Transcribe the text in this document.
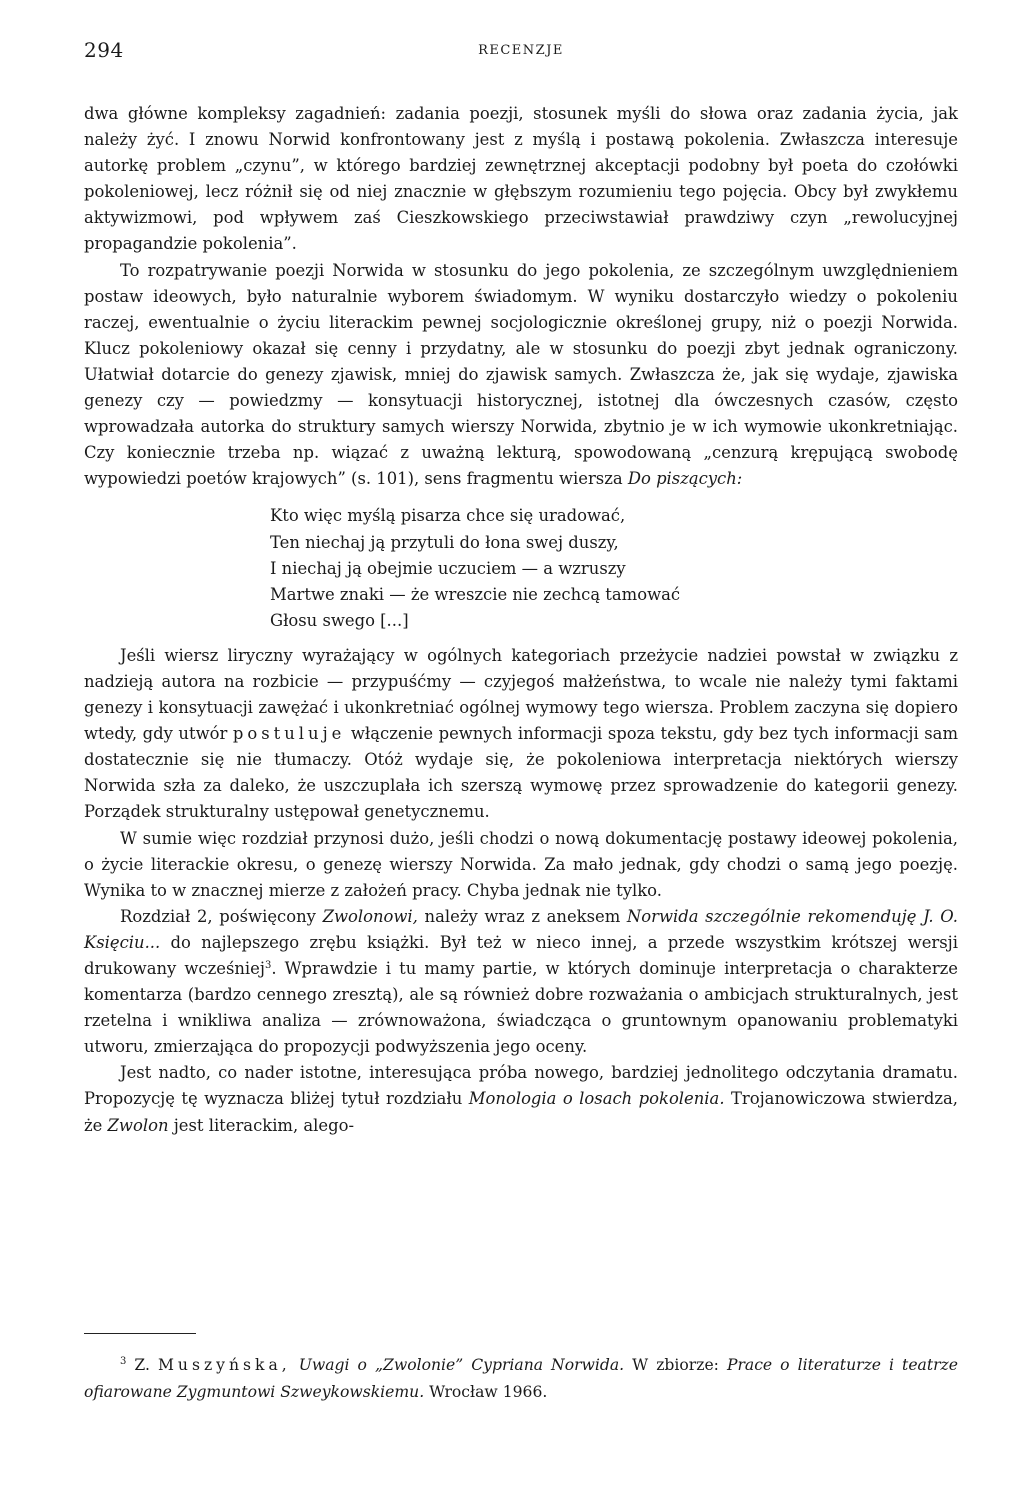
294	RECENZJE

dwa główne kompleksy zagadnień: zadania poezji, stosunek myśli do słowa oraz zadania życia, jak należy żyć. I znowu Norwid konfrontowany jest z myślą i postawą pokolenia. Zwłaszcza interesuje autorkę problem „czynu”, w którego bardziej zewnętrznej akceptacji podobny był poeta do czołówki pokoleniowej, lecz różnił się od niej znacznie w głębszym rozumieniu tego pojęcia. Obcy był zwykłemu aktywizmowi, pod wpływem zaś Cieszkowskiego przeciwstawiał prawdziwy czyn „rewolucyjnej propagandzie pokolenia”.

To rozpatrywanie poezji Norwida w stosunku do jego pokolenia, ze szczególnym uwzględnieniem postaw ideowych, było naturalnie wyborem świadomym. W wyniku dostarczyło wiedzy o pokoleniu raczej, ewentualnie o życiu literackim pewnej socjologicznie określonej grupy, niż o poezji Norwida. Klucz pokoleniowy okazał się cenny i przydatny, ale w stosunku do poezji zbyt jednak ograniczony. Ułatwiał dotarcie do genezy zjawisk, mniej do zjawisk samych. Zwłaszcza że, jak się wydaje, zjawiska genezy czy — powiedzmy — konsytuacji historycznej, istotnej dla ówczesnych czasów, często wprowadzała autorka do struktury samych wierszy Norwida, zbytnio je w ich wymowie ukonkretniając. Czy koniecznie trzeba np. wiązać z uważną lekturą, spowodowaną „cenzurą krępującą swobodę wypowiedzi poetów krajowych” (s. 101), sens fragmentu wiersza Do piszących:

Kto więc myślą pisarza chce się uradować,
Ten niechaj ją przytuli do łona swej duszy,
I niechaj ją obejmie uczuciem — a wzruszy
Martwe znaki — że wreszcie nie zechcą tamować
Głosu swego [...]

Jeśli wiersz liryczny wyrażający w ogólnych kategoriach przeżycie nadziei powstał w związku z nadzieją autora na rozbicie — przypuśćmy — czyjegoś małżeństwa, to wcale nie należy tymi faktami genezy i konsytuacji zawężać i ukonkretniać ogólnej wymowy tego wiersza. Problem zaczyna się dopiero wtedy, gdy utwór postuluje włączenie pewnych informacji spoza tekstu, gdy bez tych informacji sam dostatecznie się nie tłumaczy. Otóż wydaje się, że pokoleniowa interpretacja niektórych wierszy Norwida szła za daleko, że uszczuplała ich szerszą wymowę przez sprowadzenie do kategorii genezy. Porządek strukturalny ustępował genetycznemu.

W sumie więc rozdział przynosi dużo, jeśli chodzi o nową dokumentację postawy ideowej pokolenia, o życie literackie okresu, o genezę wierszy Norwida. Za mało jednak, gdy chodzi o samą jego poezję. Wynika to w znacznej mierze z założeń pracy. Chyba jednak nie tylko.

Rozdział 2, poświęcony Zwolonowi, należy wraz z aneksem Norwida szczególnie rekomenduję J. O. Księciu... do najlepszego zrębu książki. Był też w nieco innej, a przede wszystkim krótszej wersji drukowany wcześniej$^3$. Wprawdzie i tu mamy partie, w których dominuje interpretacja o charakterze komentarza (bardzo cennego zresztą), ale są również dobre rozważania o ambicjach strukturalnych, jest rzetelna i wnikliwa analiza — zrównoważona, świadcząca o gruntownym opanowaniu problematyki utworu, zmierzająca do propozycji podwyższenia jego oceny.

Jest nadto, co nader istotne, interesująca próba nowego, bardziej jednolitego odczytania dramatu. Propozycję tę wyznacza bliżej tytuł rozdziału Monologia o losach pokolenia. Trojanowiczowa stwierdza, że Zwolon jest literackim, alego-

$^3$ Z. Muszyńska, Uwagi o „Zwolonie” Cypriana Norwida. W zbiorze: Prace o literaturze i teatrze ofiarowane Zygmuntowi Szweykowskiemu. Wrocław 1966.
